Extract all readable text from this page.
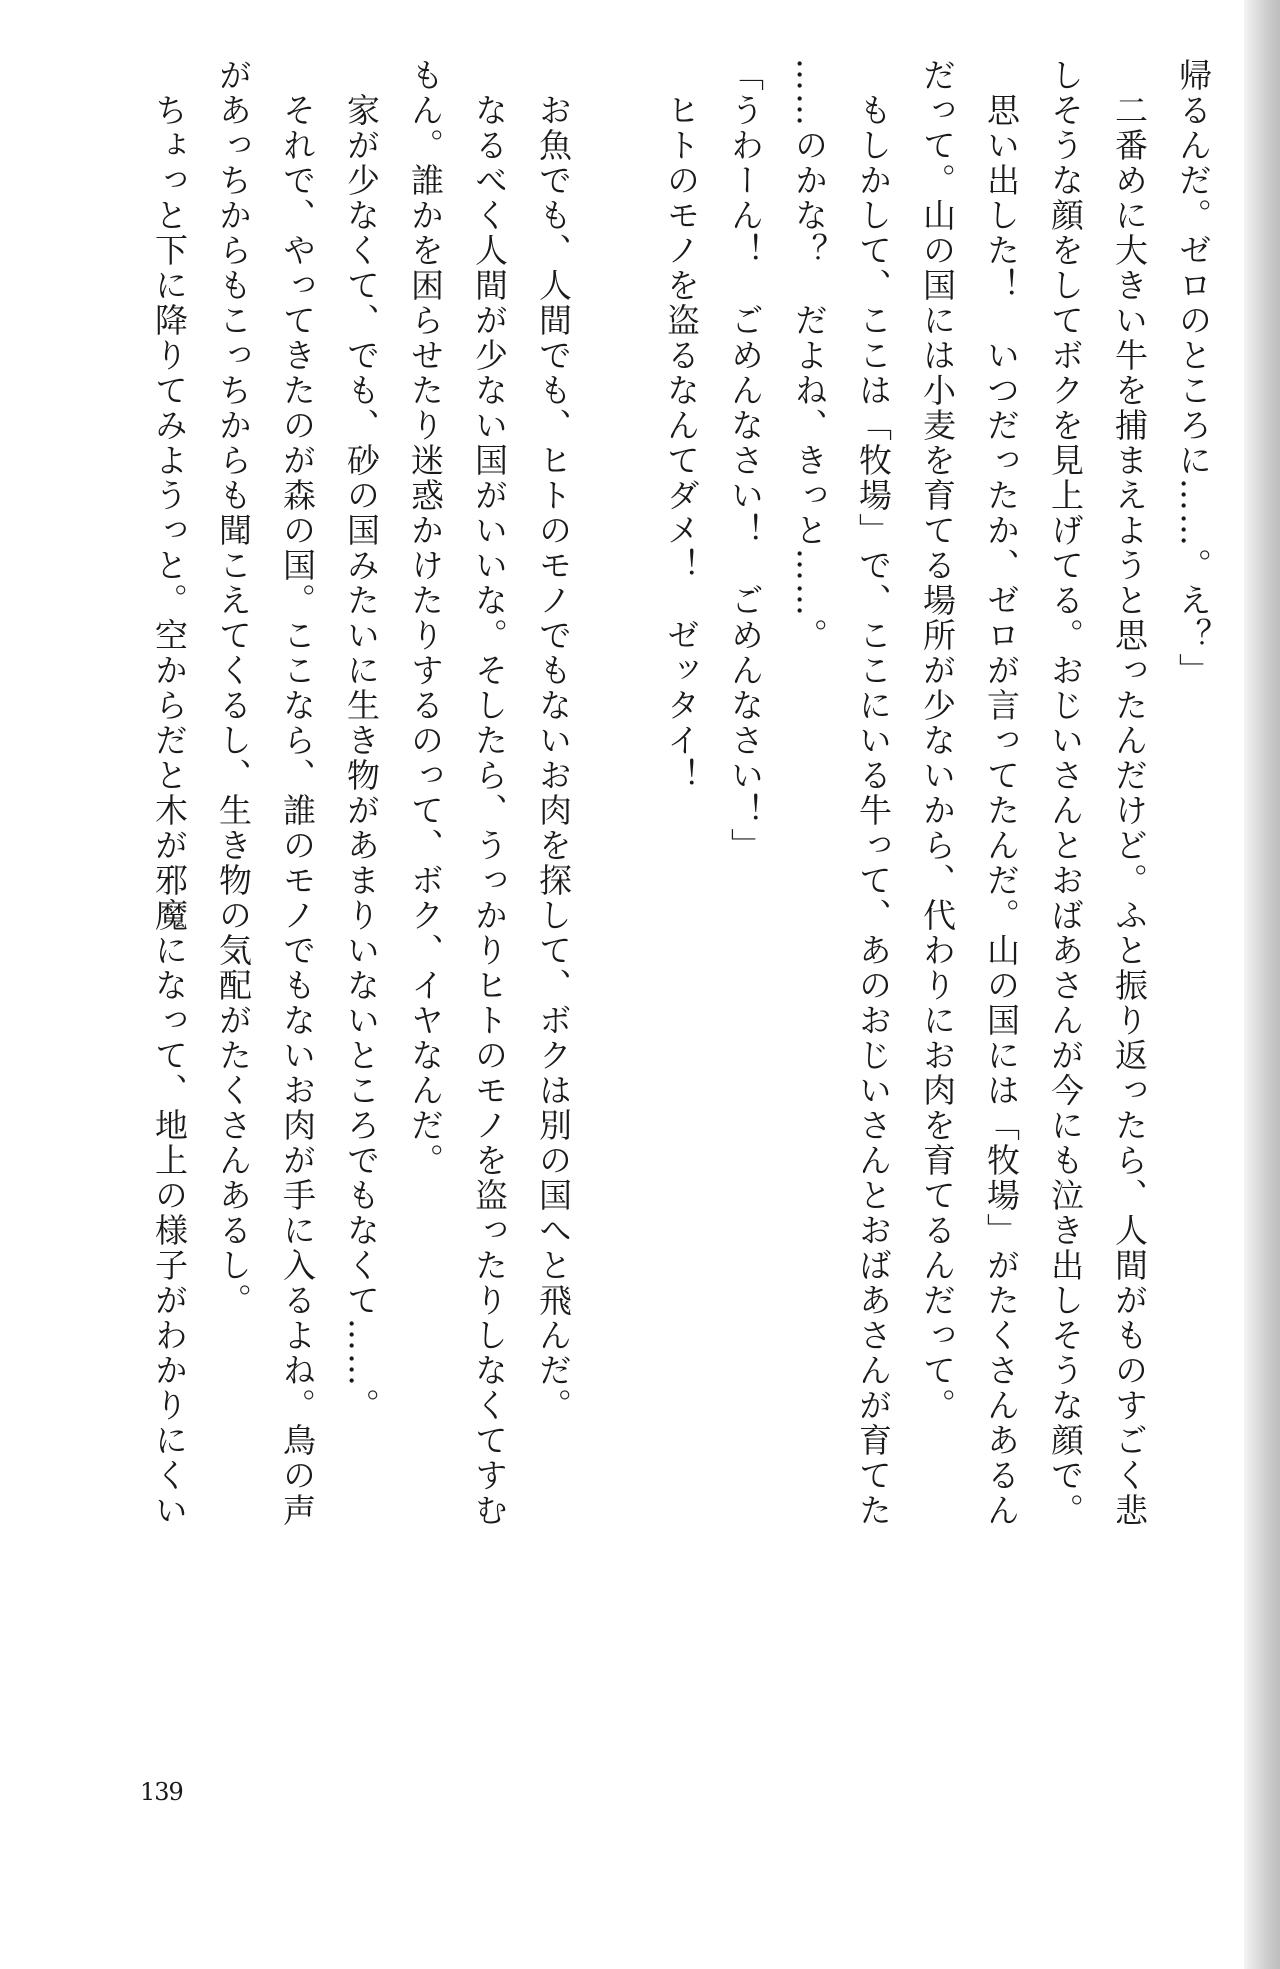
帰るんだ。ゼロのところに……。え？」
二番めに大きい牛を捕まえようと思ったんだけど。ふと振り返ったら、人間がものすごく悲
しそうな顔をしてボクを見上げてる。おじいさんとおばあさんが今にも泣き出しそうな顔で。
思い出した！　いつだったか、ゼロが言ってたんだ。山の国には「牧場」がたくさんあるん
だって。山の国には小麦を育てる場所が少ないから、代わりにお肉を育てるんだって。
もしかして、ここは「牧場」で、ここにいる牛って、あのおじいさんとおばあさんが育てた
……のかな？　だよね、きっと……。
「うわーん！　ごめんなさい！　ごめんなさい！」
ヒトのモノを盗るなんてダメ！　ゼッタイ！
お魚でも、人間でも、ヒトのモノでもないお肉を探して、ボクは別の国へと飛んだ。
なるべく人間が少ない国がいいな。そしたら、うっかりヒトのモノを盗ったりしなくてすむ
もん。誰かを困らせたり迷惑かけたりするのって、ボク、イヤなんだ。
家が少なくて、でも、砂の国みたいに生き物があまりいないところでもなくて……。
それで、やってきたのが森の国。ここなら、誰のモノでもないお肉が手に入るよね。鳥の声
があっちからもこっちからも聞こえてくるし、生き物の気配がたくさんあるし。
ちょっと下に降りてみようっと。空からだと木が邪魔になって、地上の様子がわかりにくい
139
